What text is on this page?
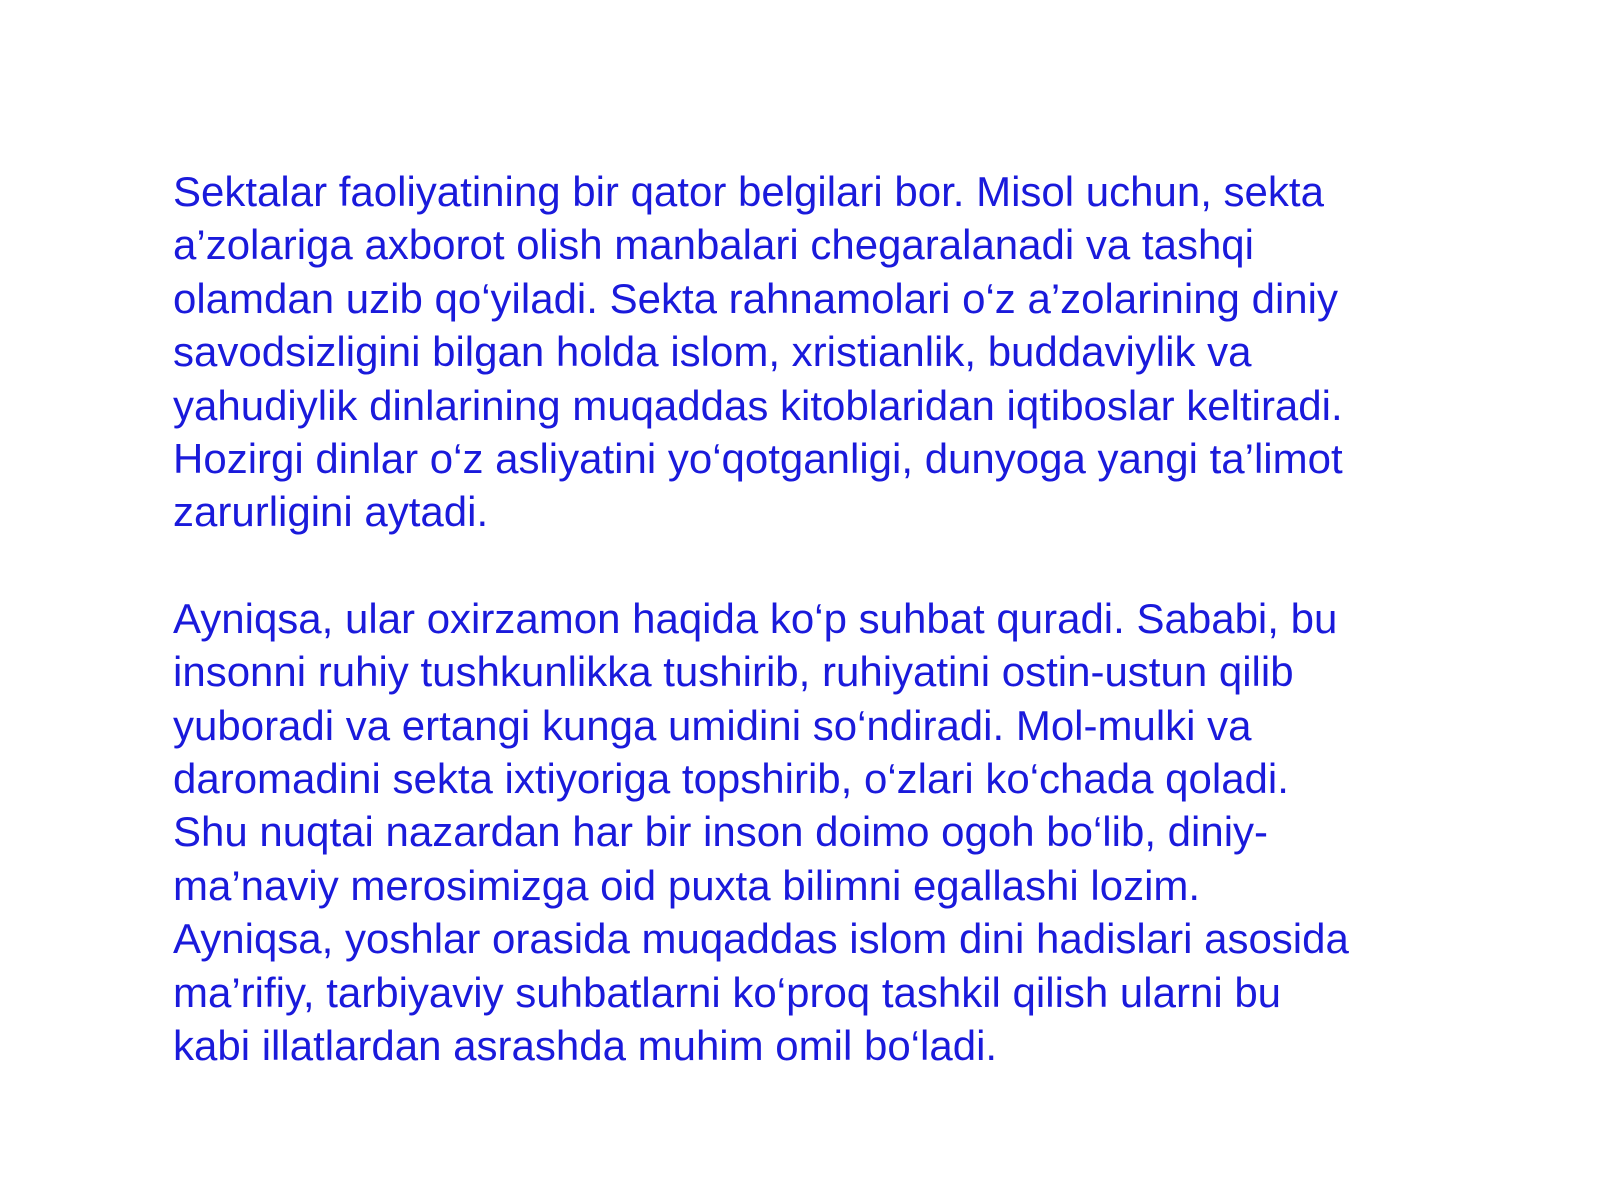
Sektalar faoliyatining bir qator belgilari bor. Misol uchun, sekta
a’zolariga axborot olish manbalari chegaralanadi va tashqi
olamdan uzib qo‘yiladi. Sekta rahnamolari o‘z a’zolarining diniy
savodsizligini bilgan holda islom, xristianlik, buddaviylik va
yahudiylik dinlarining muqaddas kitoblaridan iqtiboslar keltiradi.
Hozirgi dinlar o‘z asliyatini yo‘qotganligi, dunyoga yangi ta’limot
zarurligini aytadi.

Ayniqsa, ular oxirzamon haqida ko‘p suhbat quradi. Sababi, bu
insonni ruhiy tushkunlikka tushirib, ruhiyatini ostin-ustun qilib
yuboradi va ertangi kunga umidini so‘ndiradi. Mol-mulki va
daromadini sekta ixtiyoriga topshirib, o‘zlari ko‘chada qoladi.
Shu nuqtai nazardan har bir inson doimo ogoh bo‘lib, diniy-
ma’naviy merosimizga oid puxta bilimni egallashi lozim.
Ayniqsa, yoshlar orasida muqaddas islom dini hadislari asosida
ma’rifiy, tarbiyaviy suhbatlarni ko‘proq tashkil qilish ularni bu
kabi illatlardan asrashda muhim omil bo‘ladi.
